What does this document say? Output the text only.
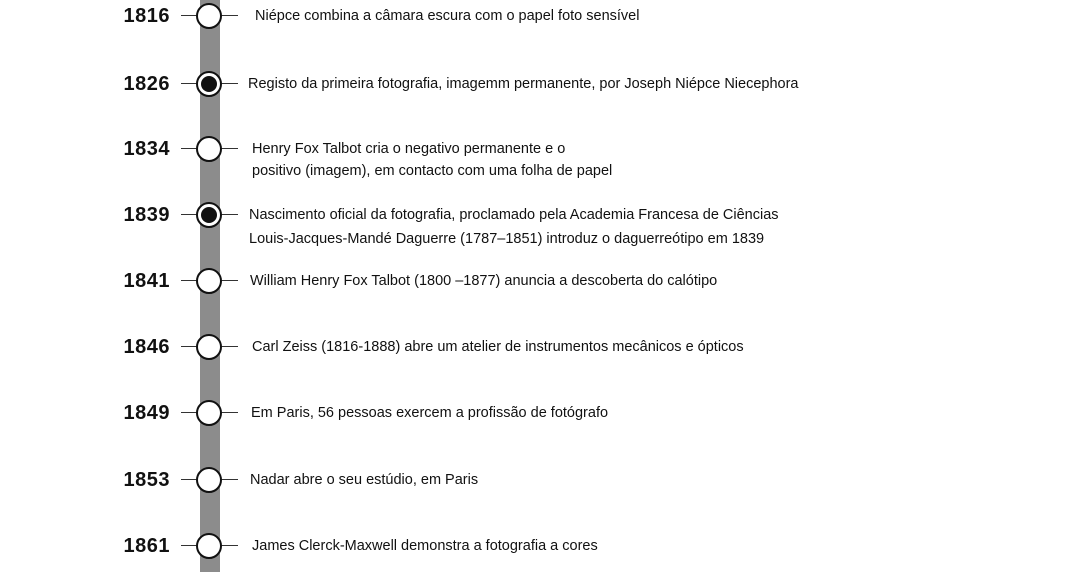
1816	Niépce combina a câmara escura com o papel foto sensível
1826	Registo da primeira fotografia, imagemm permanente, por Joseph Niépce Niecephora
1834	Henry Fox Talbot cria o negativo permanente e o
positivo (imagem), em contacto com uma folha de papel
1839	Nascimento oficial da fotografia, proclamado pela Academia Francesa de Ciências
Louis-Jacques-Mandé Daguerre (1787–1851) introduz o daguerreótipo em 1839
1841	William Henry Fox Talbot (1800 –1877) anuncia a descoberta do calótipo
1846	Carl Zeiss (1816-1888) abre um atelier de instrumentos mecânicos e ópticos
1849	Em Paris, 56 pessoas exercem a profissão de fotógrafo
1853	Nadar abre o seu estúdio, em Paris
1861	James Clerck-Maxwell demonstra a fotografia a cores
